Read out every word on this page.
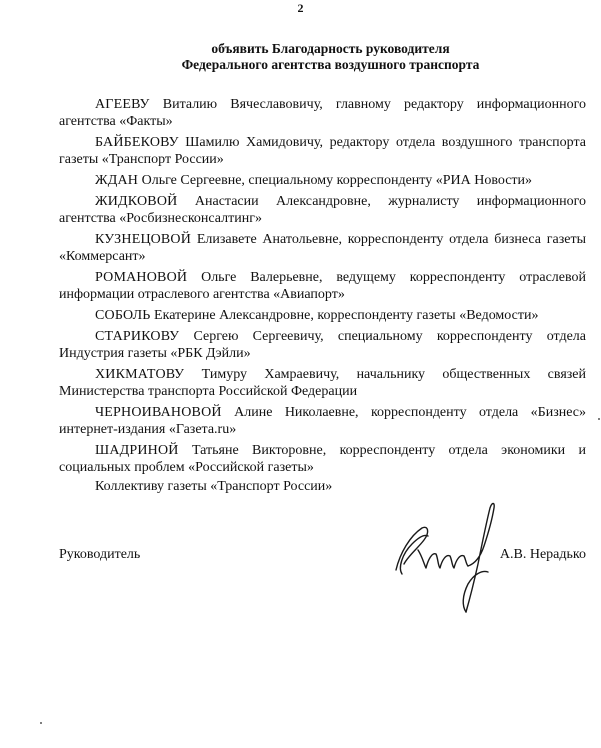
2
объявить Благодарность руководителя
Федерального агентства воздушного транспорта

АГЕЕВУ Виталию Вячеславовичу, главному редактору информационного агентства «Факты»

БАЙБЕКОВУ Шамилю Хамидовичу, редактору отдела воздушного транспорта газеты «Транспорт России»

ЖДАН Ольге Сергеевне, специальному корреспонденту «РИА Новости»

ЖИДКОВОЙ Анастасии Александровне, журналисту информационного агентства «Росбизнесконсалтинг»

КУЗНЕЦОВОЙ Елизавете Анатольевне, корреспонденту отдела бизнеса газеты «Коммерсант»

РОМАНОВОЙ Ольге Валерьевне, ведущему корреспонденту отраслевой информации отраслевого агентства «Авиапорт»

СОБОЛЬ Екатерине Александровне, корреспонденту газеты «Ведомости»

СТАРИКОВУ Сергею Сергеевичу, специальному корреспонденту отдела Индустрия газеты «РБК Дэйли»

ХИКМАТОВУ Тимуру Хамраевичу, начальнику общественных связей Министерства транспорта Российской Федерации

ЧЕРНОИВАНОВОЙ Алине Николаевне, корреспонденту отдела «Бизнес» интернет-издания «Газета.ru»

ШАДРИНОЙ Татьяне Викторовне, корреспонденту отдела экономики и социальных проблем «Российской газеты»

Коллективу газеты «Транспорт России»
Руководитель	А.В. Нерадько
